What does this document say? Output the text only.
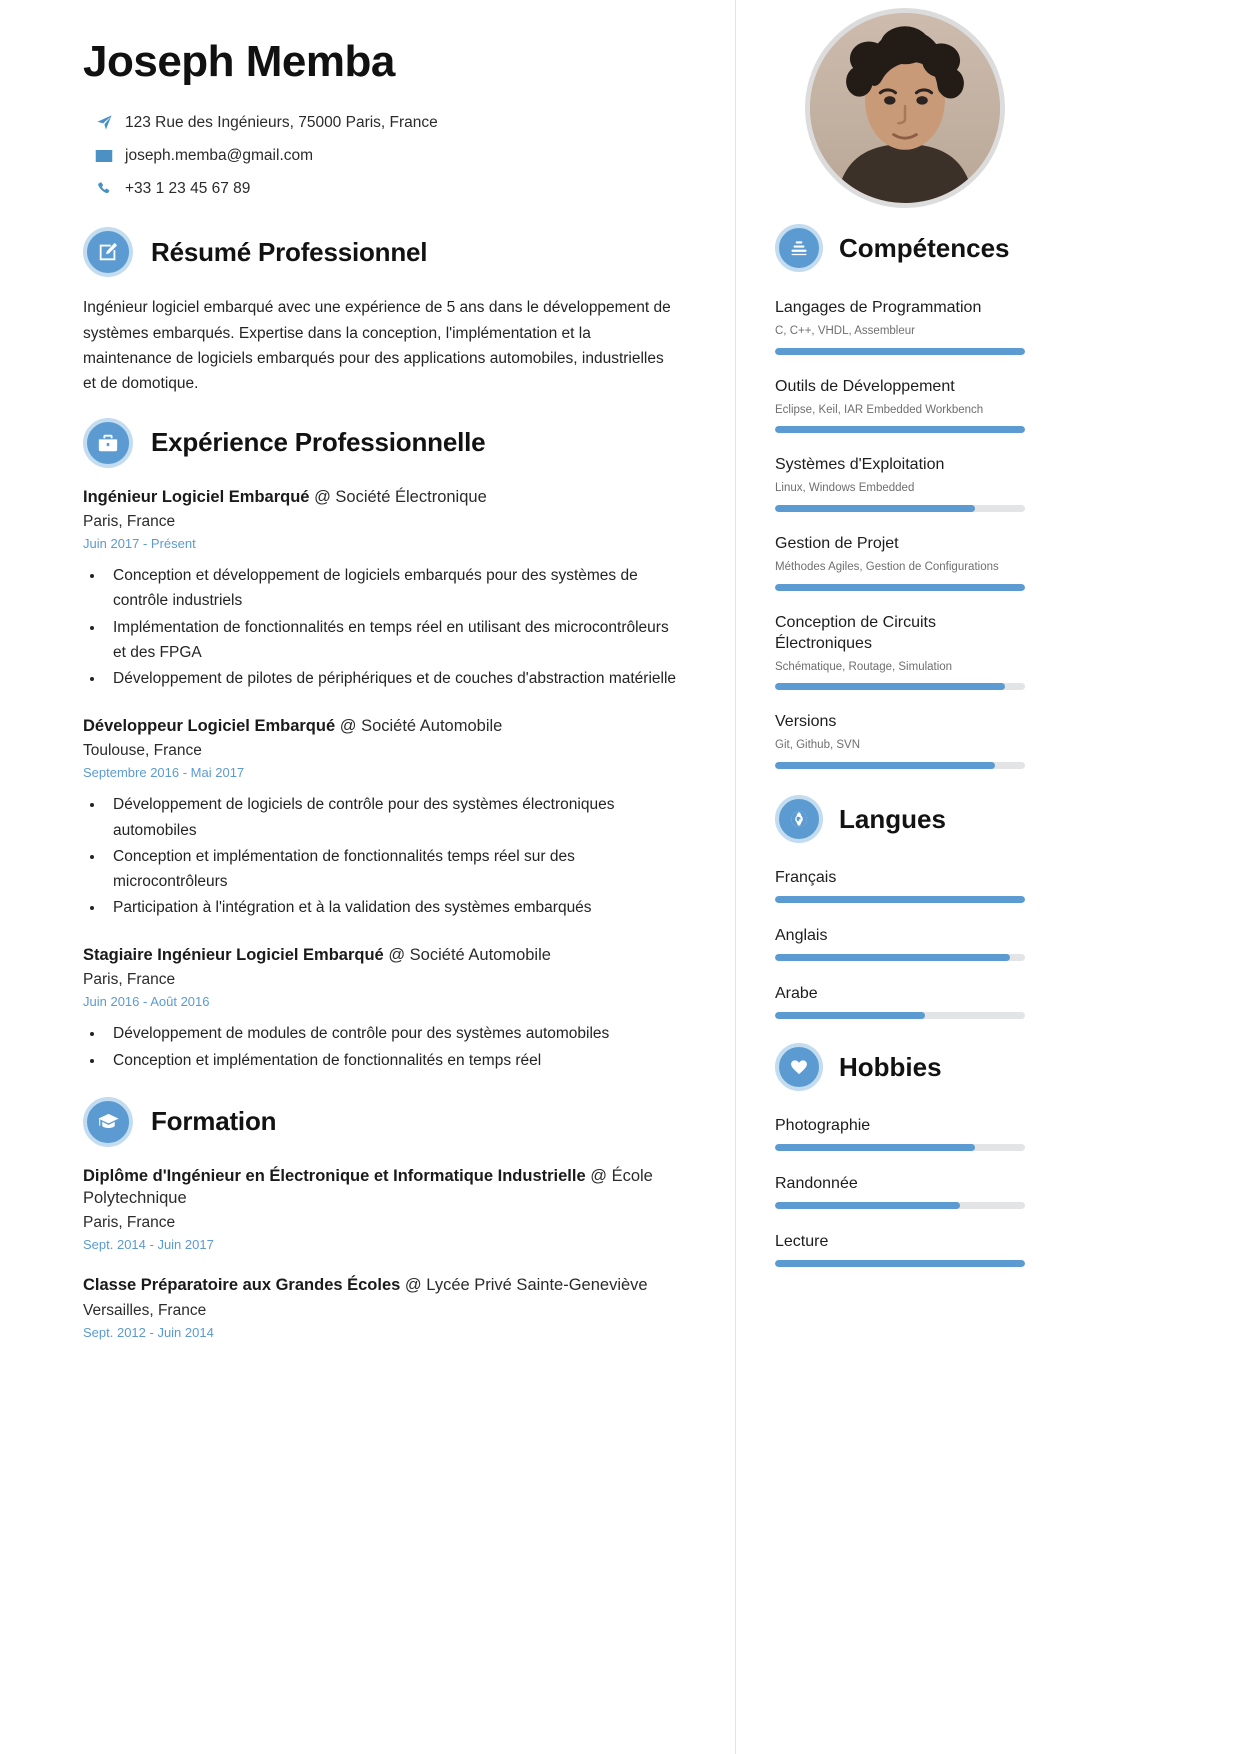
Joseph Memba
123 Rue des Ingénieurs, 75000 Paris, France
joseph.memba@gmail.com
+33 1 23 45 67 89
Résumé Professionnel

Ingénieur logiciel embarqué avec une expérience de 5 ans dans le développement de systèmes embarqués. Expertise dans la conception, l'implémentation et la maintenance de logiciels embarqués pour des applications automobiles, industrielles et de domotique.

Expérience Professionnelle
Ingénieur Logiciel Embarqué @ Société Électronique
Paris, France
Juin 2017 - Présent
• Conception et développement de logiciels embarqués pour des systèmes de contrôle industriels
• Implémentation de fonctionnalités en temps réel en utilisant des microcontrôleurs et des FPGA
• Développement de pilotes de périphériques et de couches d'abstraction matérielle
Développeur Logiciel Embarqué @ Société Automobile
Toulouse, France
Septembre 2016 - Mai 2017
• Développement de logiciels de contrôle pour des systèmes électroniques automobiles
• Conception et implémentation de fonctionnalités temps réel sur des microcontrôleurs
• Participation à l'intégration et à la validation des systèmes embarqués
Stagiaire Ingénieur Logiciel Embarqué @ Société Automobile
Paris, France
Juin 2016 - Août 2016
• Développement de modules de contrôle pour des systèmes automobiles
• Conception et implémentation de fonctionnalités en temps réel
Formation
Diplôme d'Ingénieur en Électronique et Informatique Industrielle @ École Polytechnique
Paris, France
Sept. 2014 - Juin 2017
Classe Préparatoire aux Grandes Écoles @ Lycée Privé Sainte-Geneviève
Versailles, France
Sept. 2012 - Juin 2014
Compétences
Langages de Programmation
C, C++, VHDL, Assembleur
Outils de Développement
Eclipse, Keil, IAR Embedded Workbench
Systèmes d'Exploitation
Linux, Windows Embedded
Gestion de Projet
Méthodes Agiles, Gestion de Configurations
Conception de Circuits Électroniques
Schématique, Routage, Simulation
Versions
Git, Github, SVN
Langues
Français
Anglais
Arabe
Hobbies
Photographie
Randonnée
Lecture
